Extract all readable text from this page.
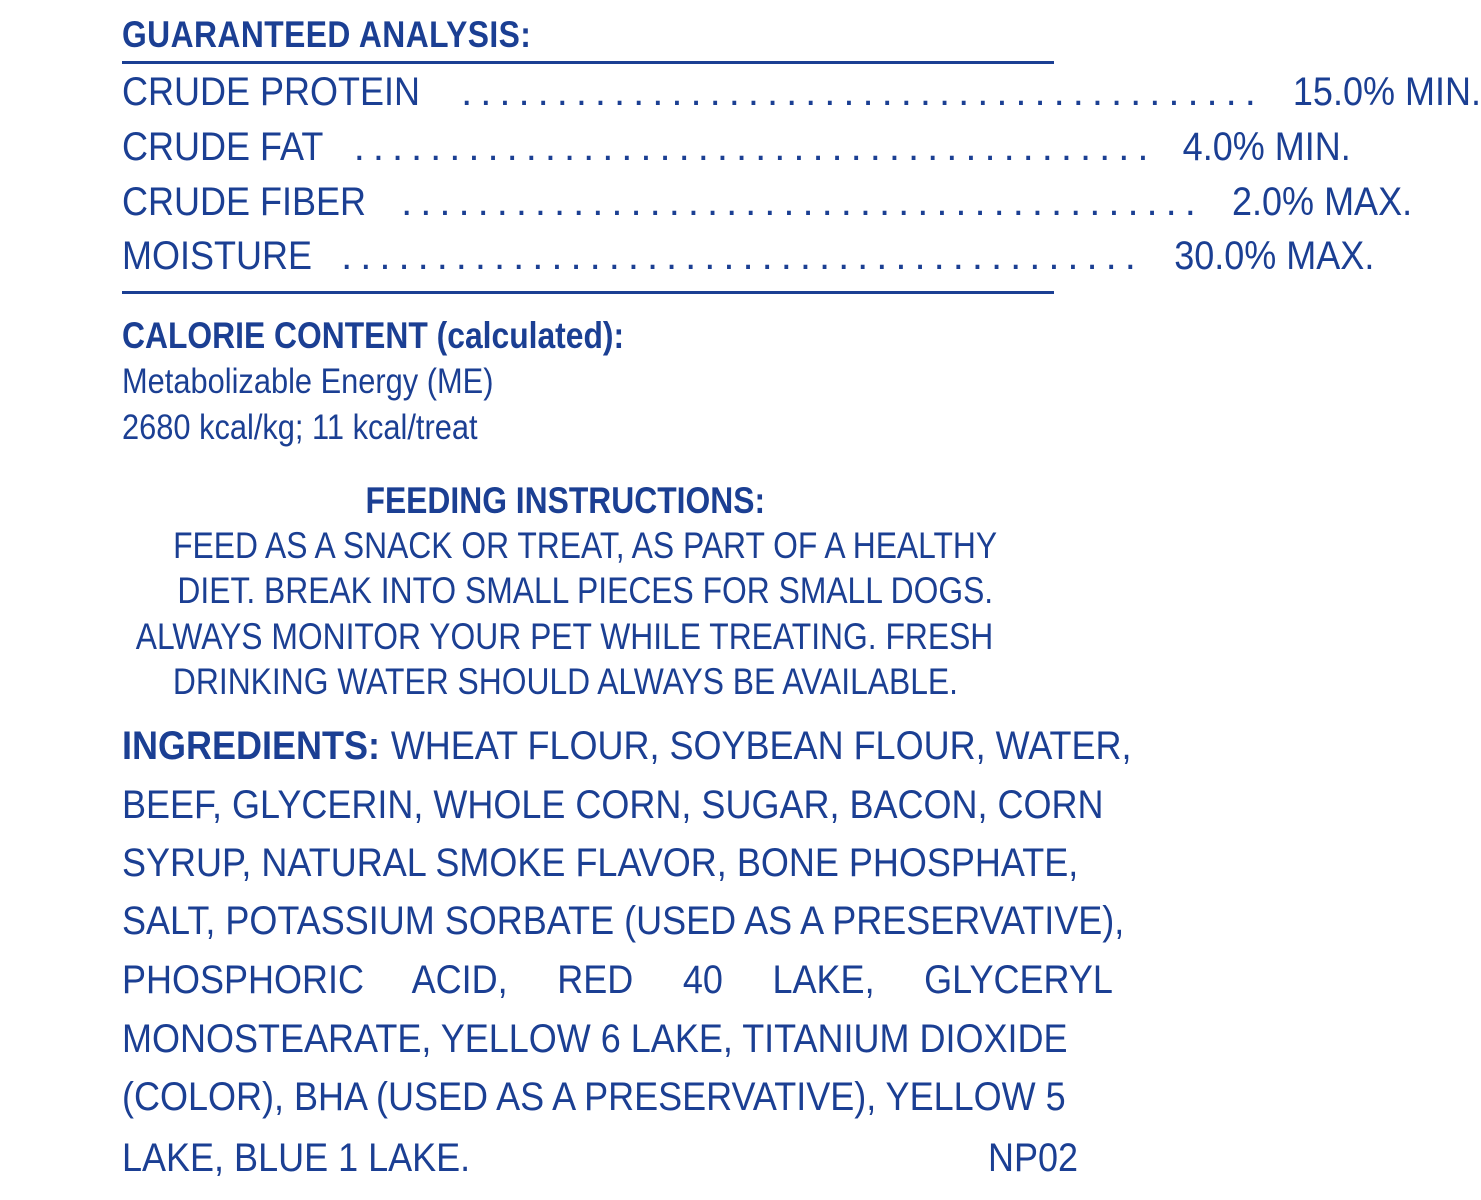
GUARANTEED ANALYSIS:
CRUDE PROTEIN .......................................... 15.0% MIN.
CRUDE FAT .......................................... 4.0% MIN.
CRUDE FIBER .......................................... 2.0% MAX.
MOISTURE .......................................... 30.0% MAX.
CALORIE CONTENT (calculated):
Metabolizable Energy (ME)
2680 kcal/kg; 11 kcal/treat
FEEDING INSTRUCTIONS:
FEED AS A SNACK OR TREAT, AS PART OF A HEALTHY
DIET. BREAK INTO SMALL PIECES FOR SMALL DOGS.
ALWAYS MONITOR YOUR PET WHILE TREATING. FRESH
DRINKING WATER SHOULD ALWAYS BE AVAILABLE.
INGREDIENTS: WHEAT FLOUR, SOYBEAN FLOUR, WATER,
BEEF, GLYCERIN, WHOLE CORN, SUGAR, BACON, CORN
SYRUP, NATURAL SMOKE FLAVOR, BONE PHOSPHATE,
SALT, POTASSIUM SORBATE (USED AS A PRESERVATIVE),
PHOSPHORIC ACID, RED 40 LAKE, GLYCERYL
MONOSTEARATE, YELLOW 6 LAKE, TITANIUM DIOXIDE
(COLOR), BHA (USED AS A PRESERVATIVE), YELLOW 5
LAKE, BLUE 1 LAKE.	NP02
